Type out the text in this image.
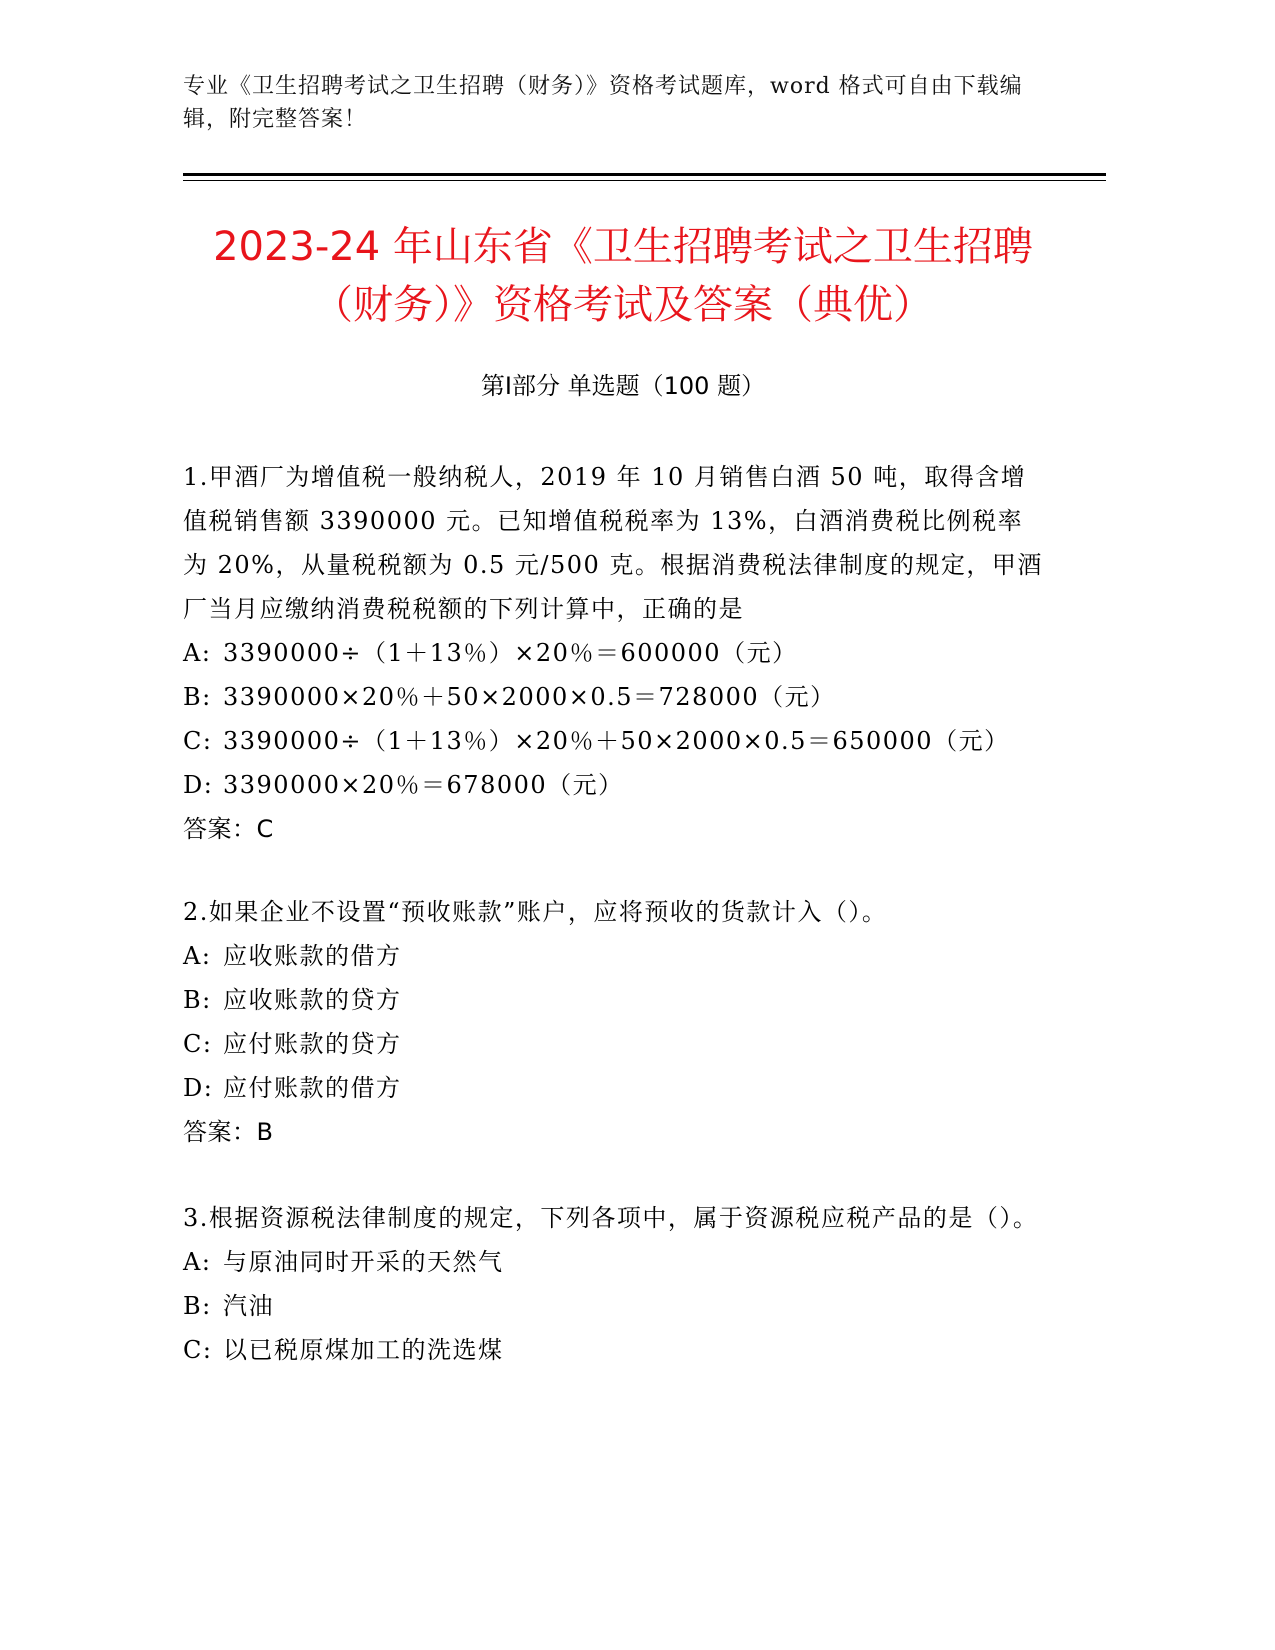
专业《卫生招聘考试之卫生招聘（财务）》资格考试题库，word 格式可自由下载编辑，附完整答案！
2023-24 年山东省《卫生招聘考试之卫生招聘（财务）》资格考试及答案（典优）
第Ⅰ部分 单选题（100 题）

1.甲酒厂为增值税一般纳税人，2019 年 10 月销售白酒 50 吨，取得含增值税销售额 3390000 元。已知增值税税率为 13%，白酒消费税比例税率为 20%，从量税税额为 0.5 元/500 克。根据消费税法律制度的规定，甲酒厂当月应缴纳消费税税额的下列计算中，正确的是

A: 3390000÷（1＋13％）×20％＝600000（元）

B: 3390000×20％＋50×2000×0.5＝728000（元）

C: 3390000÷（1＋13％）×20％＋50×2000×0.5＝650000（元）

D: 3390000×20％＝678000（元）

答案：C

2.如果企业不设置“预收账款”账户，应将预收的货款计入（）。

A: 应收账款的借方

B: 应收账款的贷方

C: 应付账款的贷方

D: 应付账款的借方

答案：B

3.根据资源税法律制度的规定，下列各项中，属于资源税应税产品的是（）。

A: 与原油同时开采的天然气

B: 汽油

C: 以已税原煤加工的洗选煤
